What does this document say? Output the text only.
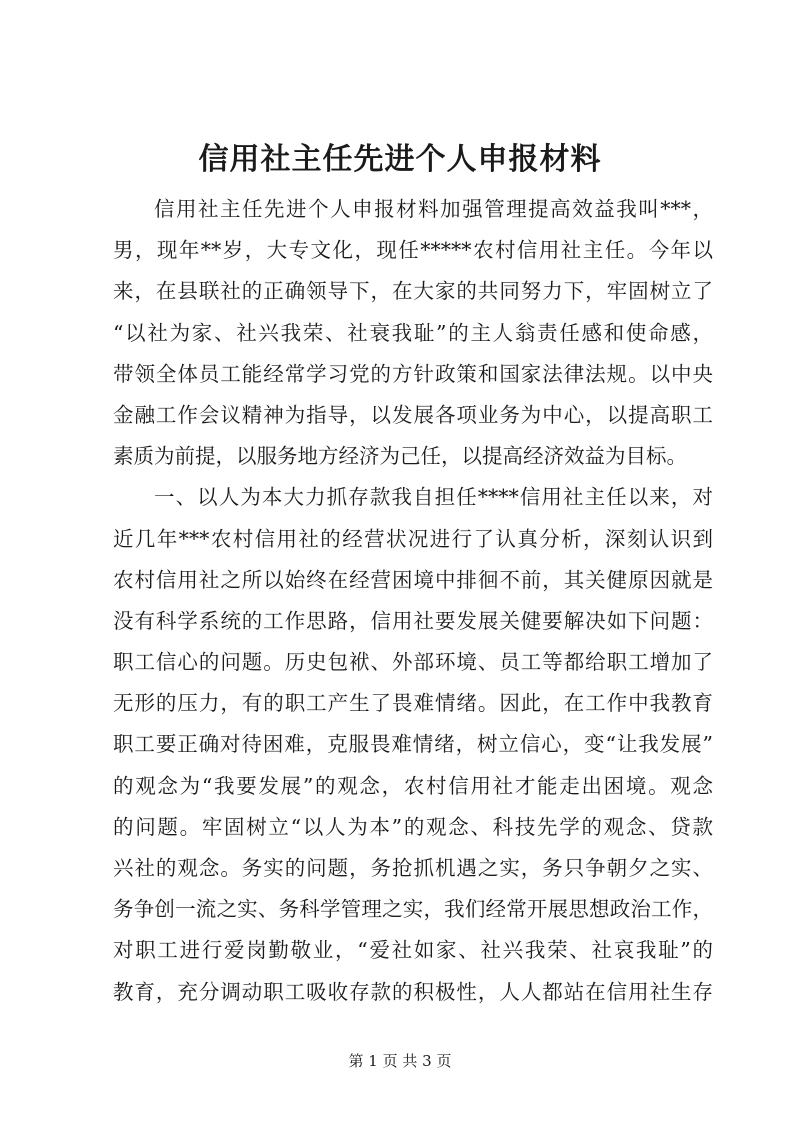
信用社主任先进个人申报材料
信用社主任先进个人申报材料加强管理提高效益我叫***，
男，现年**岁，大专文化，现任*****农村信用社主任。今年以
来，在县联社的正确领导下，在大家的共同努力下，牢固树立了
“以社为家、社兴我荣、社衰我耻”的主人翁责任感和使命感，
带领全体员工能经常学习党的方针政策和国家法律法规。以中央
金融工作会议精神为指导，以发展各项业务为中心，以提高职工
素质为前提，以服务地方经济为己任，以提高经济效益为目标。
一、以人为本大力抓存款我自担任****信用社主任以来，对
近几年***农村信用社的经营状况进行了认真分析，深刻认识到
农村信用社之所以始终在经营困境中排徊不前，其关健原因就是
没有科学系统的工作思路，信用社要发展关健要解决如下问题：
职工信心的问题。历史包袱、外部环境、员工等都给职工增加了
无形的压力，有的职工产生了畏难情绪。因此，在工作中我教育
职工要正确对待困难，克服畏难情绪，树立信心，变“让我发展”
的观念为“我要发展”的观念，农村信用社才能走出困境。观念
的问题。牢固树立“以人为本”的观念、科技先学的观念、贷款
兴社的观念。务实的问题，务抢抓机遇之实，务只争朝夕之实、
务争创一流之实、务科学管理之实，我们经常开展思想政治工作，
对职工进行爱岗勤敬业，“爱社如家、社兴我荣、社哀我耻”的
教育，充分调动职工吸收存款的积极性，人人都站在信用社生存
第 1 页 共 3 页
